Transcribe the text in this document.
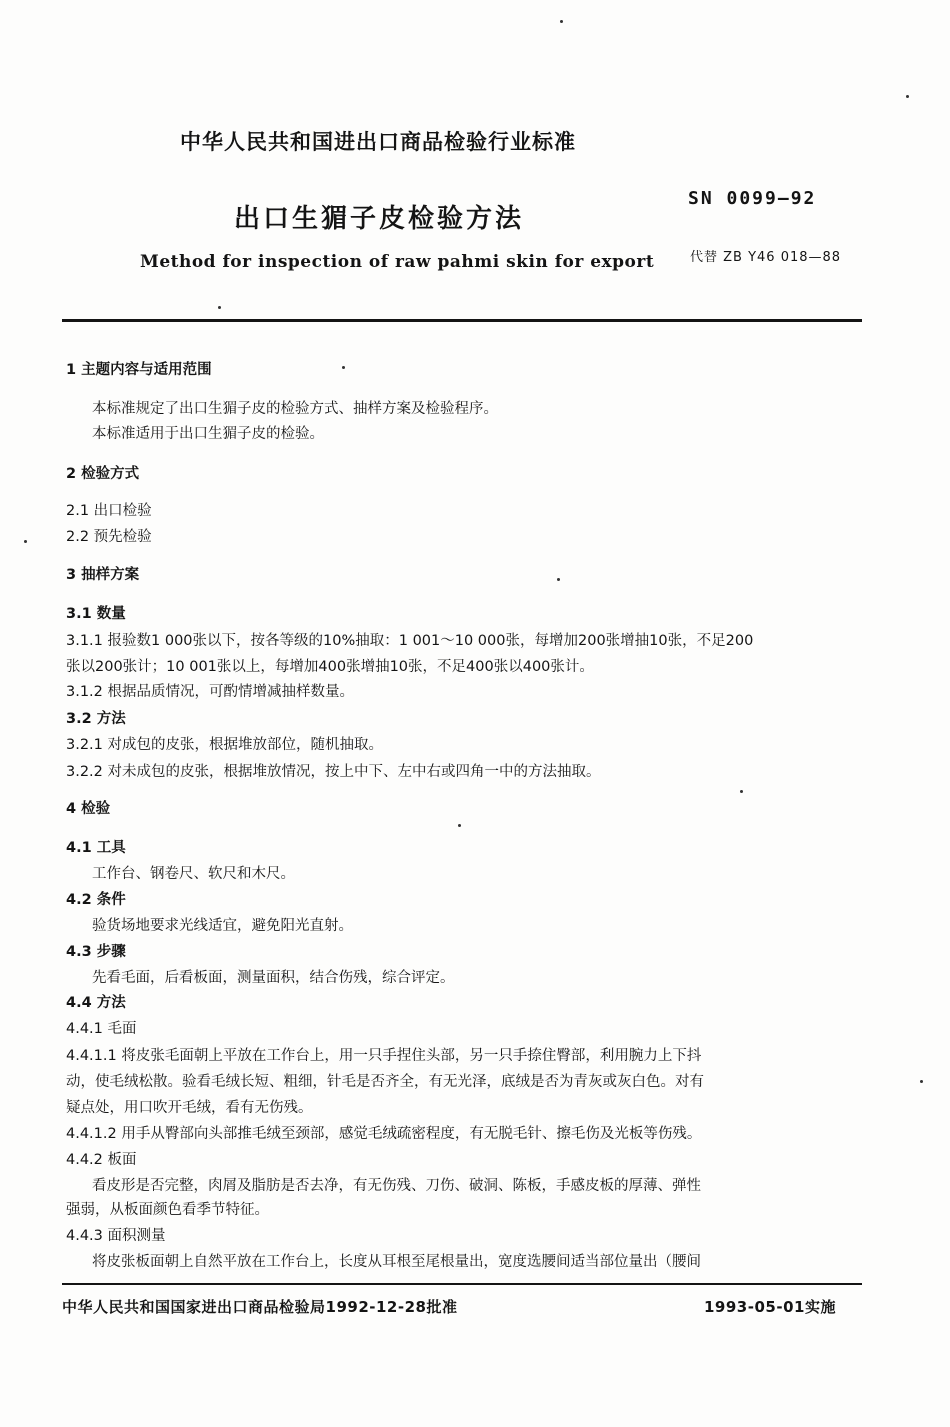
中华人民共和国进出口商品检验行业标准
SN 0099—92
出口生猸子皮检验方法
Method for inspection of raw pahmi skin for export	代替 ZB Y46 018—88
1 主题内容与适用范围
本标准规定了出口生猸子皮的检验方式、抽样方案及检验程序。
本标准适用于出口生猸子皮的检验。
2 检验方式
2.1 出口检验
2.2 预先检验
3 抽样方案
3.1 数量
3.1.1 报验数1 000张以下，按各等级的10%抽取：1 001～10 000张，每增加200张增抽10张，不足200
张以200张计；10 001张以上，每增加400张增抽10张，不足400张以400张计。
3.1.2 根据品质情况，可酌情增减抽样数量。
3.2 方法
3.2.1 对成包的皮张，根据堆放部位，随机抽取。
3.2.2 对未成包的皮张，根据堆放情况，按上中下、左中右或四角一中的方法抽取。
4 检验
4.1 工具
工作台、钢卷尺、软尺和木尺。
4.2 条件
验货场地要求光线适宜，避免阳光直射。
4.3 步骤
先看毛面，后看板面，测量面积，结合伤残，综合评定。
4.4 方法
4.4.1 毛面
4.4.1.1 将皮张毛面朝上平放在工作台上，用一只手捏住头部，另一只手捺住臀部，利用腕力上下抖
动，使毛绒松散。验看毛绒长短、粗细，针毛是否齐全，有无光泽，底绒是否为青灰或灰白色。对有
疑点处，用口吹开毛绒，看有无伤残。
4.4.1.2 用手从臀部向头部推毛绒至颈部，感觉毛绒疏密程度，有无脱毛针、擦毛伤及光板等伤残。
4.4.2 板面
看皮形是否完整，肉屑及脂肪是否去净，有无伤残、刀伤、破洞、陈板，手感皮板的厚薄、弹性
强弱，从板面颜色看季节特征。
4.4.3 面积测量
将皮张板面朝上自然平放在工作台上，长度从耳根至尾根量出，宽度选腰间适当部位量出（腰间
中华人民共和国国家进出口商品检验局1992-12-28批准	1993-05-01实施
